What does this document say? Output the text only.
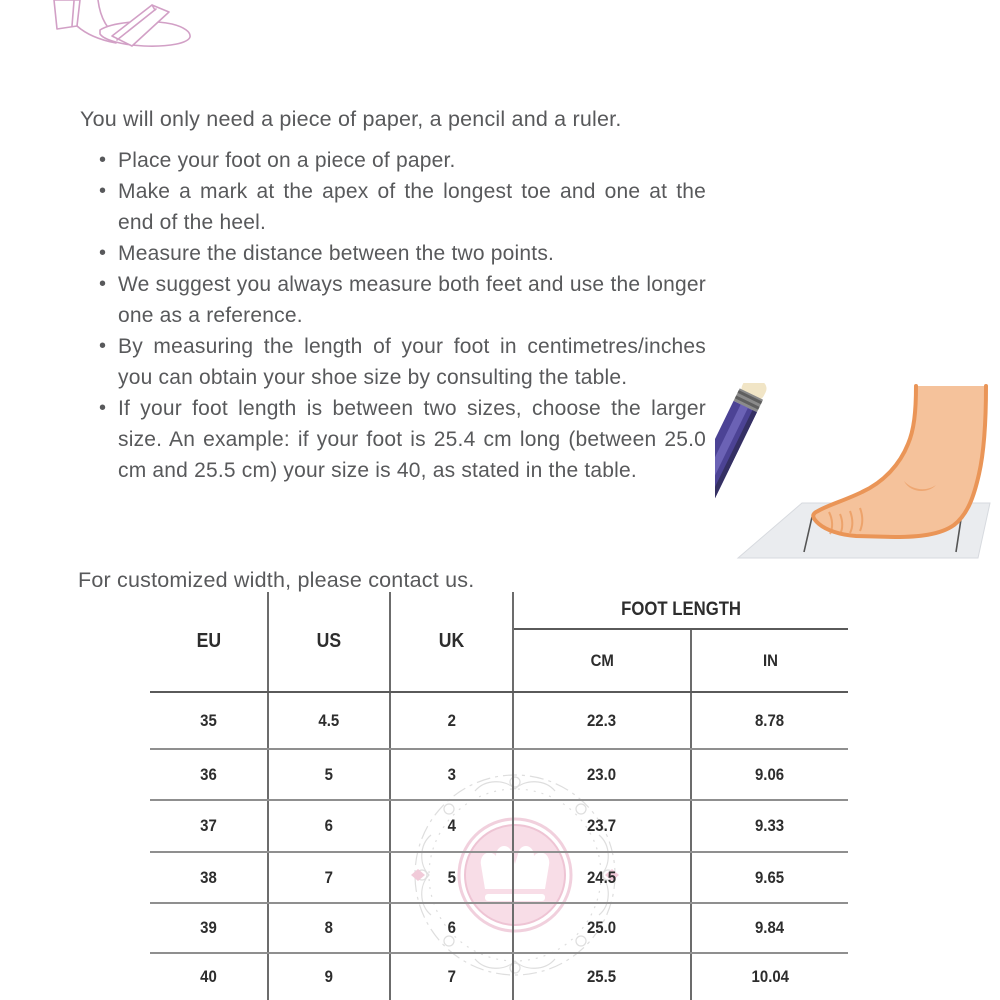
You will only need a piece of paper, a pencil and a ruler.

• Place your foot on a piece of paper.
• Make a mark at the apex of the longest toe and one at the end of the heel.
• Measure the distance between the two points.
• We suggest you always measure both feet and use the longer one as a reference.
• By measuring the length of your foot in centimetres/inches you can obtain your shoe size by consulting the table.
• If your foot length is between two sizes, choose the larger size. An example: if your foot is 25.4 cm long (between 25.0 cm and 25.5 cm) your size is 40, as stated in the table.

For customized width, please contact us.

EU	US	UK	FOOT LENGTH	
			CM	IN
35	4.5	2	22.3	8.78
36	5	3	23.0	9.06
37	6	4	23.7	9.33
38	7	5	24.5	9.65
39	8	6	25.0	9.84
40	9	7	25.5	10.04
